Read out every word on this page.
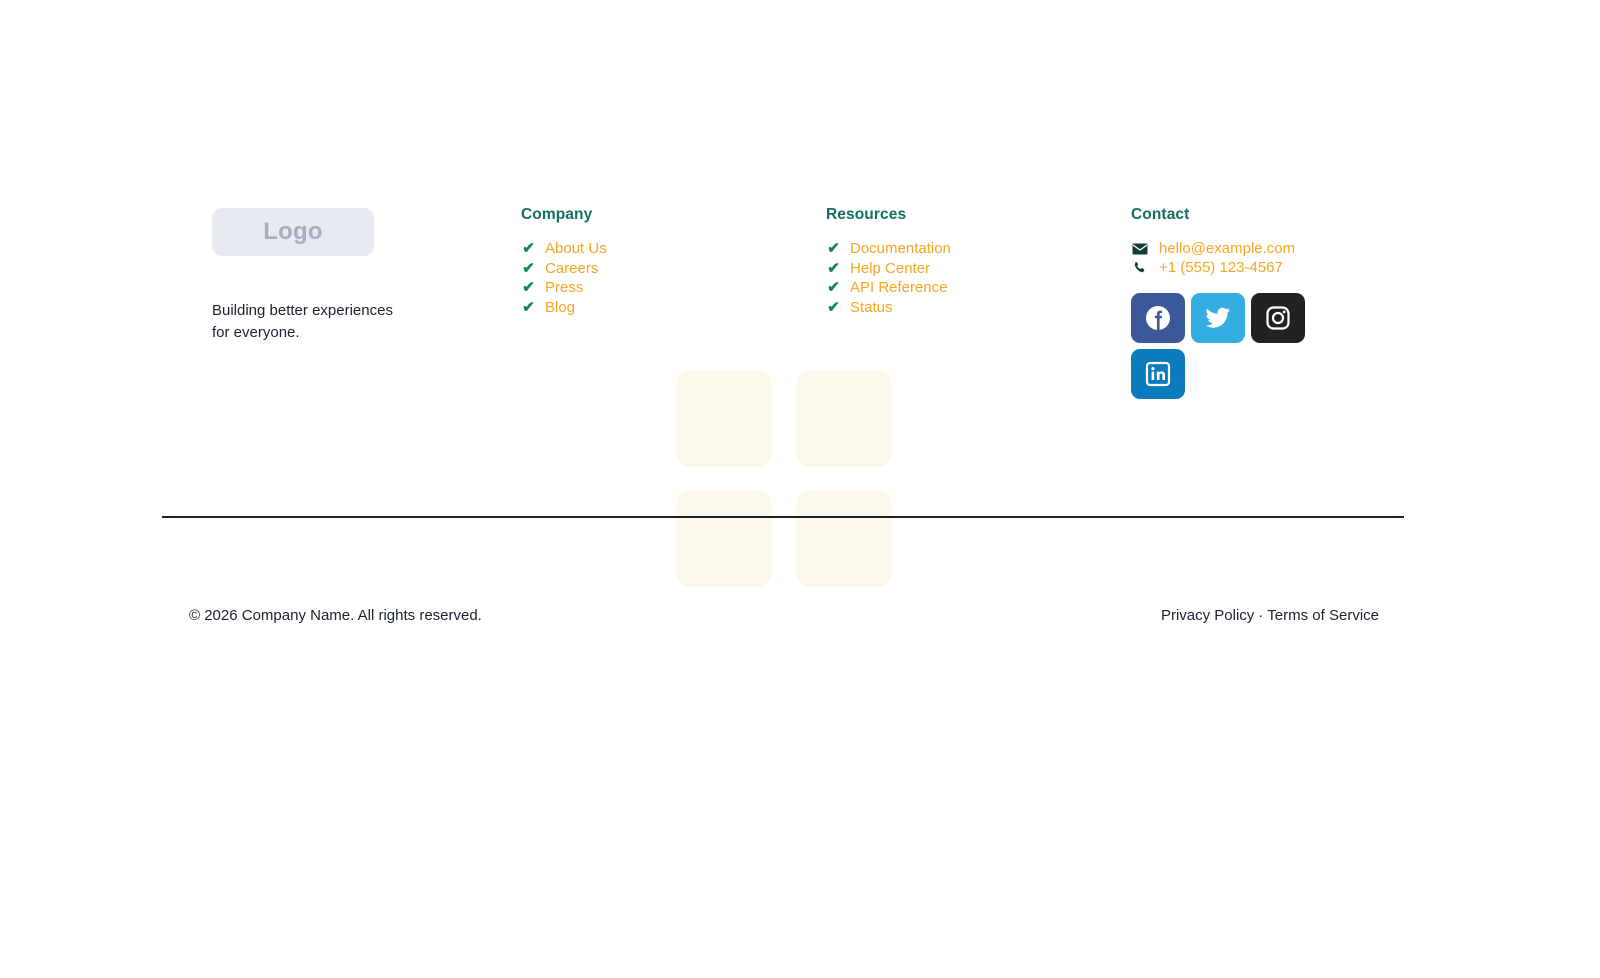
Logo
Building better experiences for everyone.
Company
✔ About Us
✔ Careers
✔ Press
✔ Blog
Resources
✔ Documentation
✔ Help Center
✔ API Reference
✔ Status
Contact
hello@example.com
+1 (555) 123-4567
© 2026 Company Name. All rights reserved.	Privacy Policy · Terms of Service
